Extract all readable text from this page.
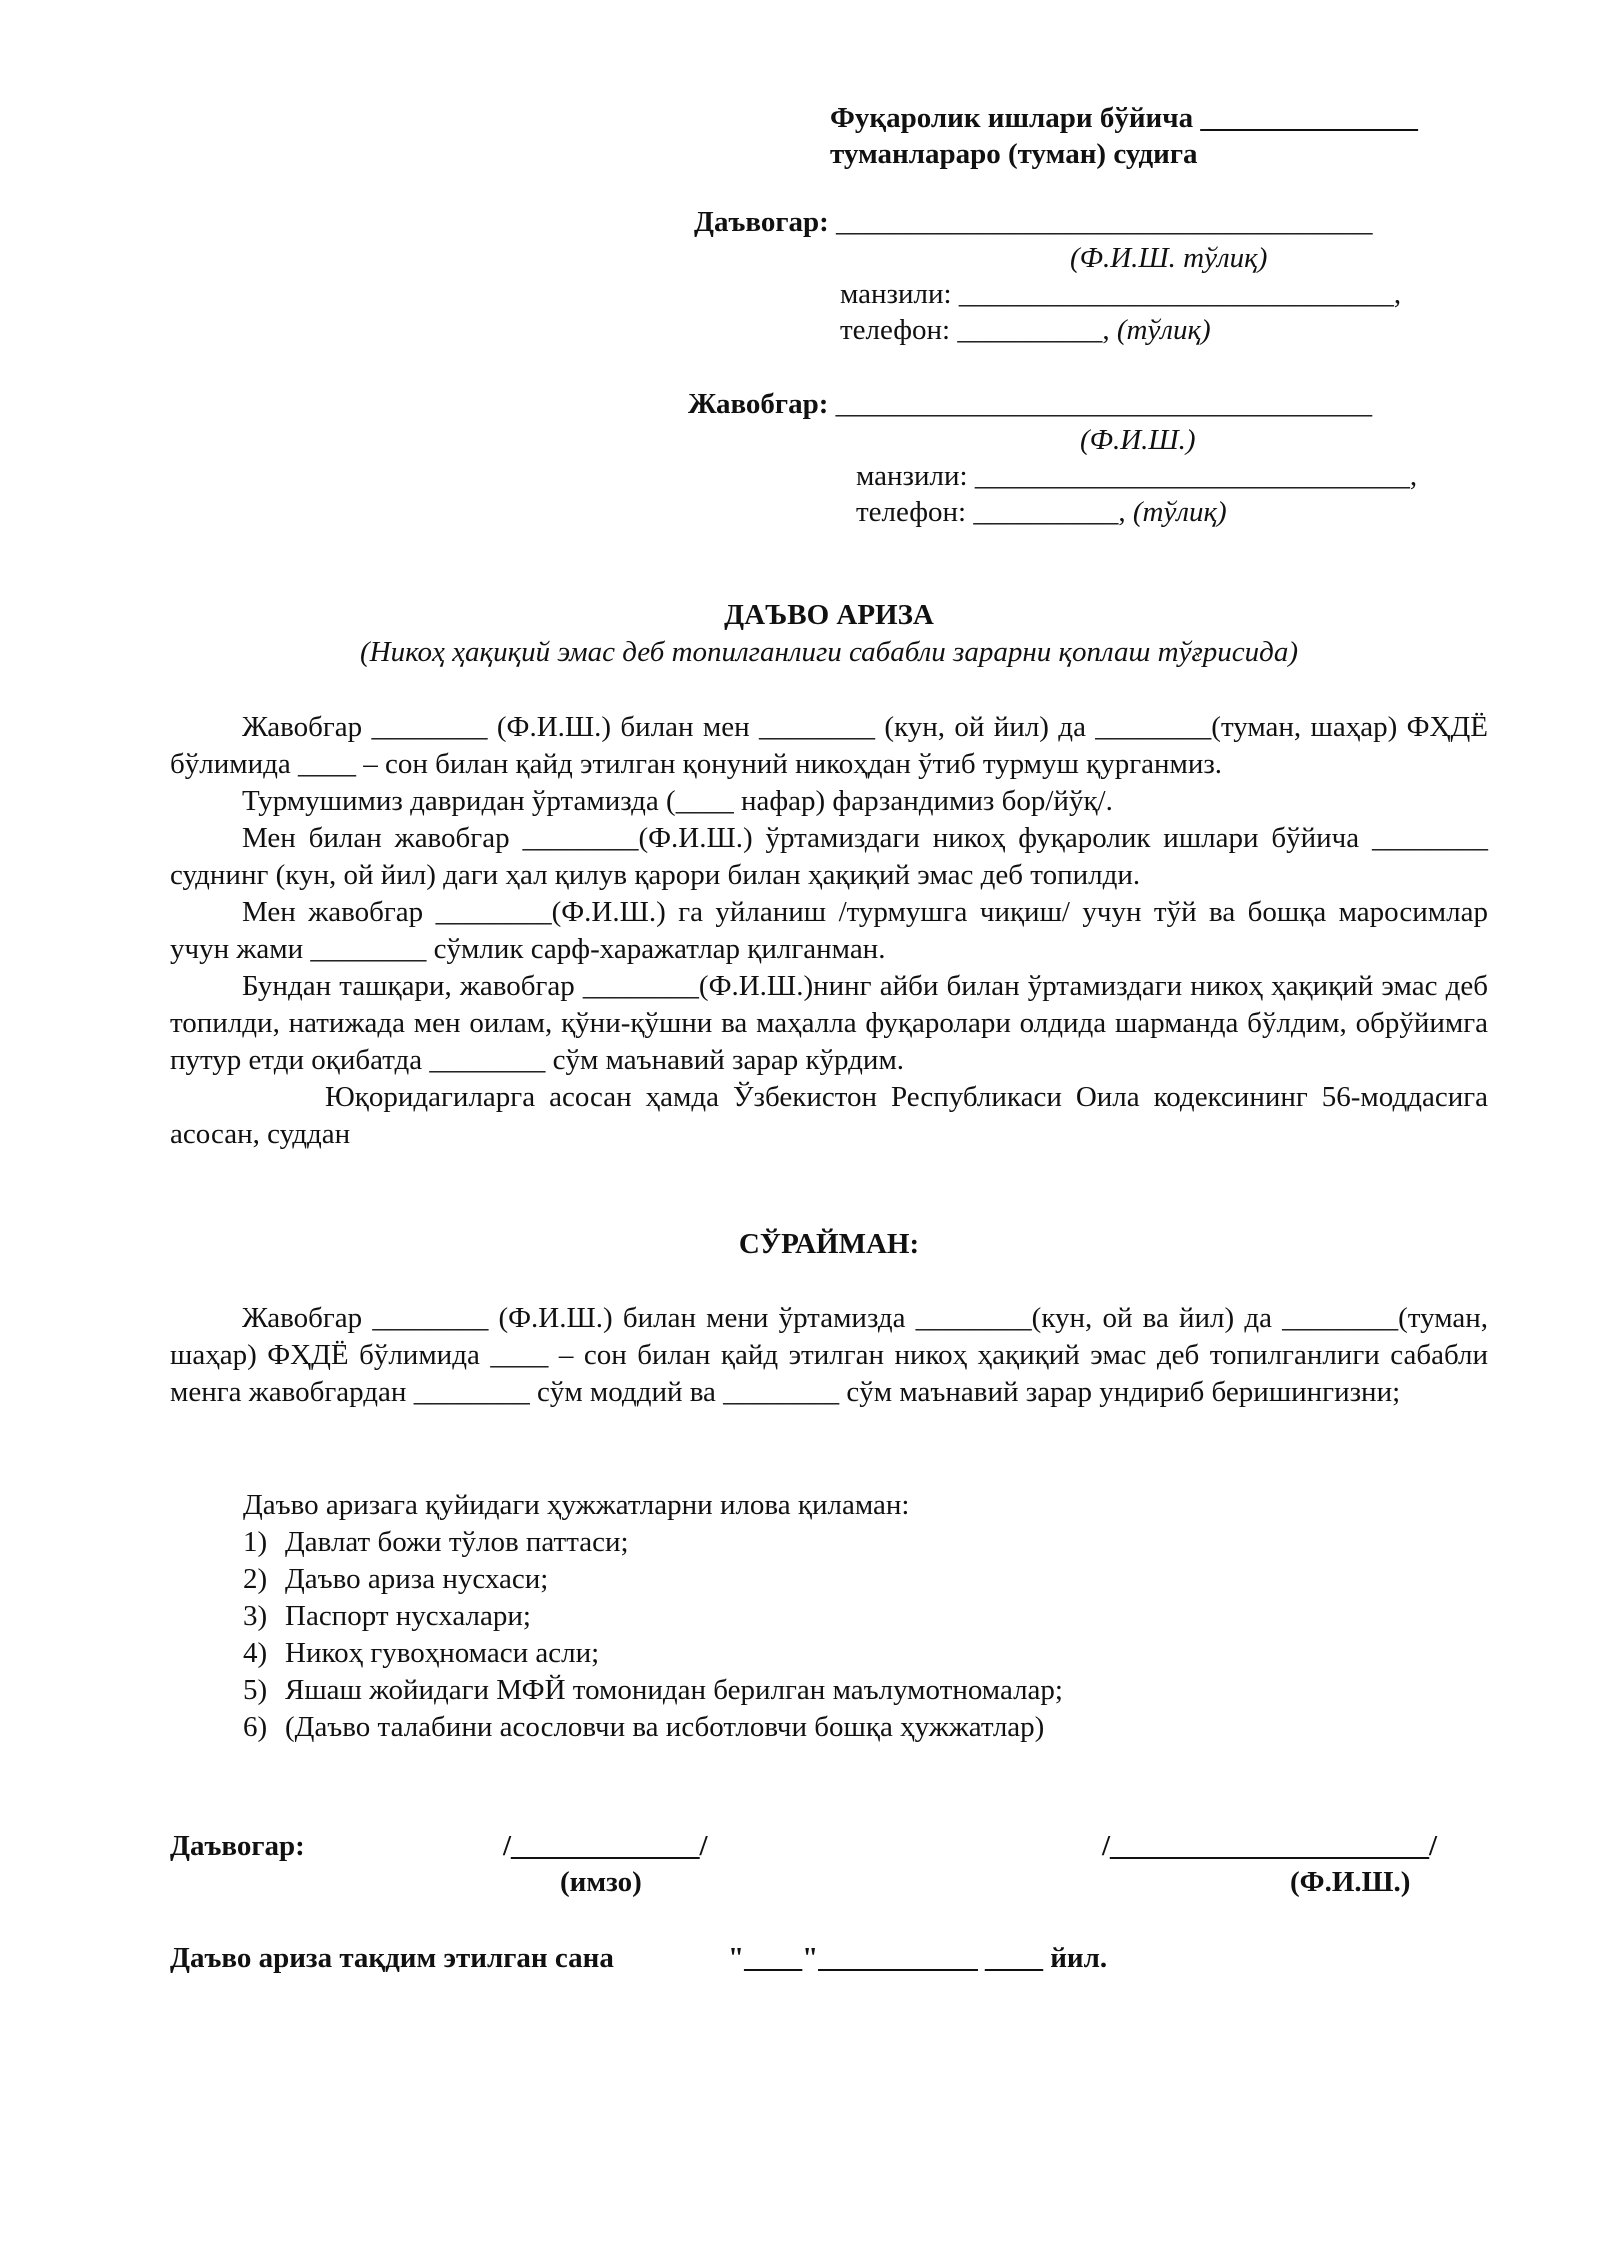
Фуқаролик ишлари бўйича _______________
туманлараро (туман) судига
Даъвогар: _____________________________________
(Ф.И.Ш. тўлиқ)
манзили: ______________________________,
телефон: __________, (тўлиқ)
Жавобгар: _____________________________________
(Ф.И.Ш.)
манзили: ______________________________,
телефон: __________, (тўлиқ)
ДАЪВО АРИЗА
(Никоҳ ҳақиқий эмас деб топилганлиги сабабли зарарни қоплаш тўғрисида)

Жавобгар ________ (Ф.И.Ш.) билан мен ________ (кун, ой йил) да ________(туман, шаҳар) ФҲДЁ бўлимида ____ – сон билан қайд этилган қонуний никоҳдан ўтиб турмуш қурганмиз.

Турмушимиз давридан ўртамизда (____ нафар) фарзандимиз бор/йўқ/.

Мен билан жавобгар ________(Ф.И.Ш.) ўртамиздаги никоҳ фуқаролик ишлари бўйича ________ суднинг (кун, ой йил) даги ҳал қилув қарори билан ҳақиқий эмас деб топилди.

Мен жавобгар ________(Ф.И.Ш.) га уйланиш /турмушга чиқиш/ учун тўй ва бошқа маросимлар учун жами ________ сўмлик сарф-харажатлар қилганман.

Бундан ташқари, жавобгар ________(Ф.И.Ш.)нинг айби билан ўртамиздаги никоҳ ҳақиқий эмас деб топилди, натижада мен оилам, қўни-қўшни ва маҳалла фуқаролари олдида шарманда бўлдим, обрўйимга путур етди оқибатда ________ сўм маънавий зарар кўрдим.

Юқоридагиларга асосан ҳамда Ўзбекистон Республикаси Оила кодексининг 56-моддасига асосан, суддан

СЎРАЙМАН:

Жавобгар ________ (Ф.И.Ш.) билан мени ўртамизда ________(кун, ой ва йил) да ________(туман, шаҳар) ФҲДЁ бўлимида ____ – сон билан қайд этилган никоҳ ҳақиқий эмас деб топилганлиги сабабли менга жавобгардан ________ сўм моддий ва ________ сўм маънавий зарар ундириб беришингизни;

Даъво аризага қуйидаги ҳужжатларни илова қиламан:
1) Давлат божи тўлов паттаси;
2) Даъво ариза нусхаси;
3) Паспорт нусхалари;
4) Никоҳ гувоҳномаси асли;
5) Яшаш жойидаги МФЙ томонидан берилган маълумотномалар;
6) (Даъво талабини асословчи ва исботловчи бошқа ҳужжатлар)
Даъвогар:	/_____________/
(имзо)
/______________________/
(Ф.И.Ш.)
Даъво ариза тақдим этилган сана	"____"___________ ____ йил.
